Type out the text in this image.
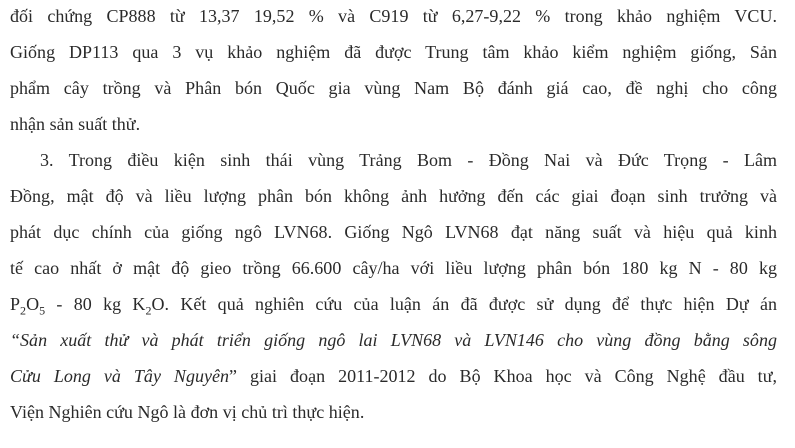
đối chứng CP888 từ 13,37 19,52 % và C919 từ 6,27-9,22 % trong khảo nghiệm VCU.
Giống DP113 qua 3 vụ khảo nghiệm đã được Trung tâm khảo kiểm nghiệm giống, Sản
phẩm cây trồng và Phân bón Quốc gia vùng Nam Bộ đánh giá cao, đề nghị cho công
nhận sản suất thử.
3. Trong điều kiện sinh thái vùng Trảng Bom - Đồng Nai và Đức Trọng - Lâm
Đồng, mật độ và liều lượng phân bón không ảnh hưởng đến các giai đoạn sinh trưởng và
phát dục chính của giống ngô LVN68. Giống Ngô LVN68 đạt năng suất và hiệu quả kinh
tế cao nhất ở mật độ gieo trồng 66.600 cây/ha với liều lượng phân bón 180 kg N - 80 kg
$P_2O_5 - 80$ kg $K_2O$. Kết quả nghiên cứu của luận án đã được sử dụng để thực hiện Dự án
“Sản xuất thử và phát triển giống ngô lai LVN68 và LVN146 cho vùng đồng bằng sông
Cửu Long và Tây Nguyên” giai đoạn 2011-2012 do Bộ Khoa học và Công Nghệ đầu tư,
Viện Nghiên cứu Ngô là đơn vị chủ trì thực hiện.
